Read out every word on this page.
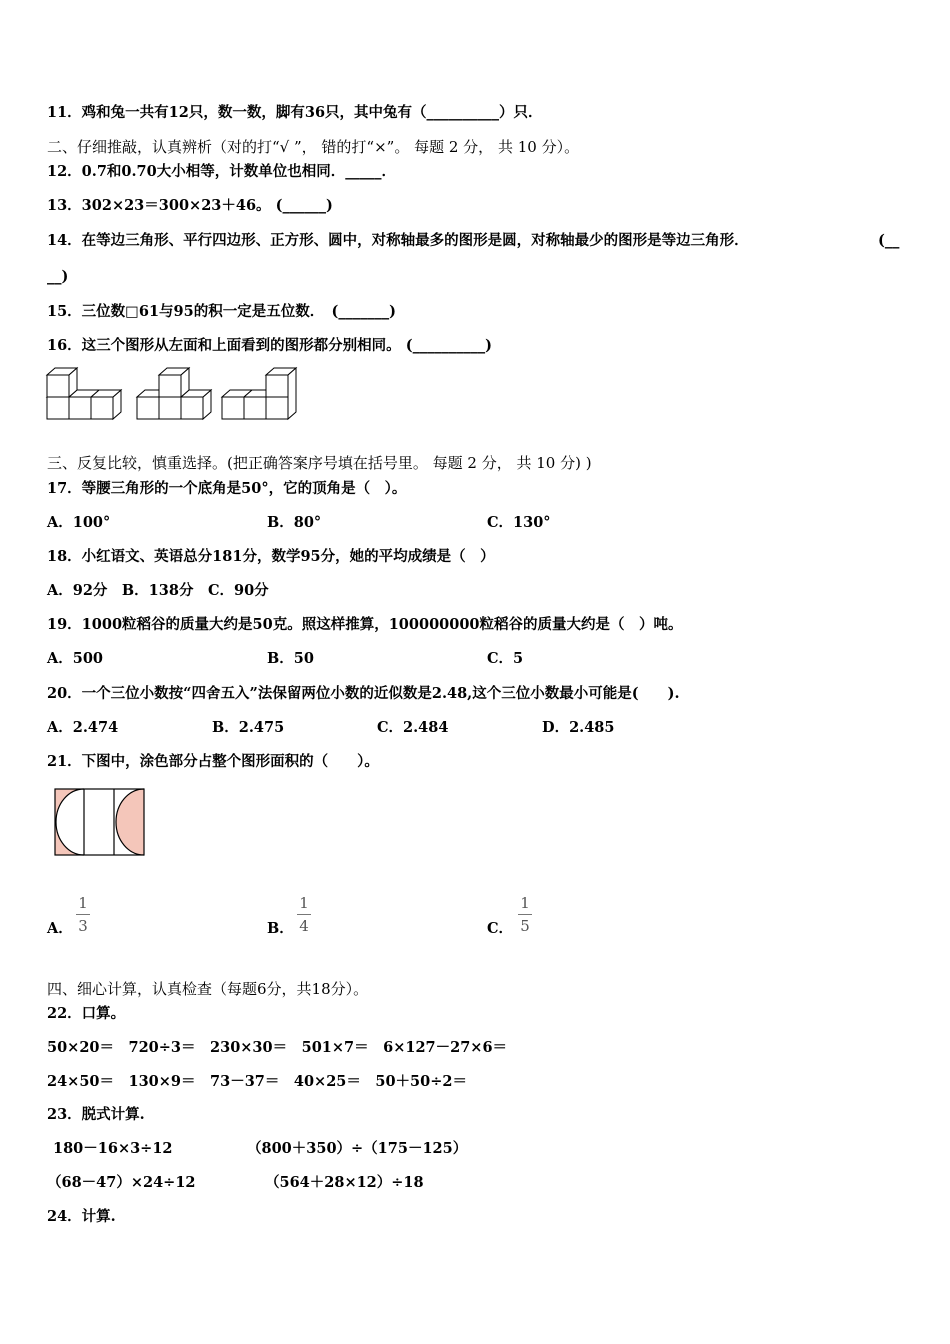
11．鸡和兔一共有12只，数一数，脚有36只，其中兔有（__________）只．
二、仔细推敲，认真辨析（对的打“√ ”， 错的打“×”。 每题 2 分， 共 10 分）。
12．0.7和0.70大小相等，计数单位也相同．_____．
13．302×23＝300×23＋46。 (______)
14．在等边三角形、平行四边形、正方形、圆中，对称轴最多的图形是圆，对称轴最少的图形是等边三角形．	(__
__)
15．三位数□61与95的积一定是五位数．　(_______)
16．这三个图形从左面和上面看到的图形都分别相同。 (__________)
三、反复比较，慎重选择。(把正确答案序号填在括号里。 每题 2 分， 共 10 分) )
17．等腰三角形的一个底角是50°，它的顶角是（　）。
A．100°	B．80°	C．130°
18．小红语文、英语总分181分，数学95分，她的平均成绩是（　）
A．92分　B．138分　C．90分
19．1000粒稻谷的质量大约是50克。照这样推算，100000000粒稻谷的质量大约是（　）吨。
A．500	B．50	C．5
20．一个三位小数按“四舍五入”法保留两位小数的近似数是2.48,这个三位小数最小可能是(　　).
A．2.474	B．2.475	C．2.484	D．2.485
21．下图中，涂色部分占整个图形面积的（　　）。
A．
1
3	B．
1
4	C．
1
5
四、细心计算，认真检查（每题6分，共18分）。
22．口算。
50×20＝　720÷3＝　230×30＝　501×7＝　6×127－27×6＝
24×50＝　130×9＝　73－37＝　40×25＝　50＋50÷2＝
23．脱式计算.
180－16×3÷12	（800＋350）÷（175－125）
（68－47）×24÷12	（564＋28×12）÷18
24．计算.
